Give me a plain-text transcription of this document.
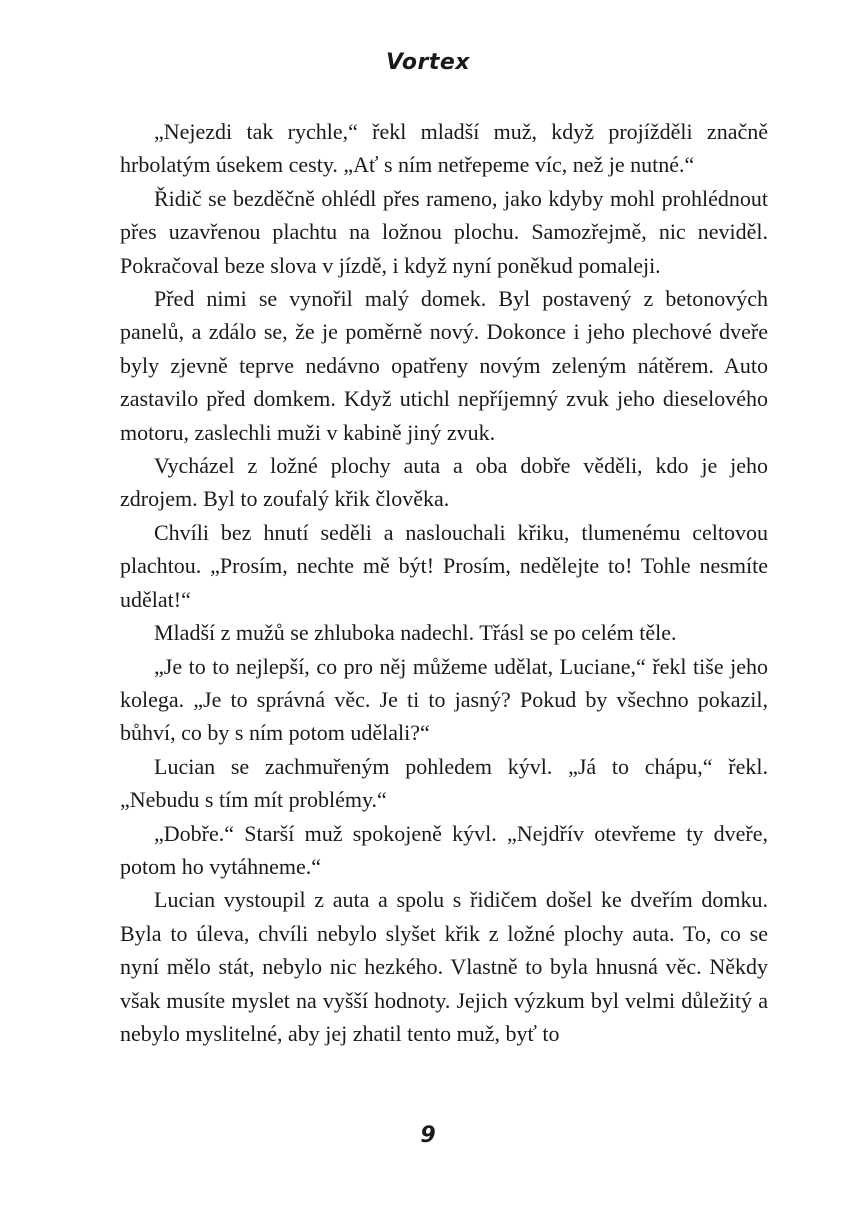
Vortex

„Nejezdi tak rychle,“ řekl mladší muž, když projížděli značně hrbolatým úsekem cesty. „Ať s ním netřepeme víc, než je nutné.“

Řidič se bezděčně ohlédl přes rameno, jako kdyby mohl prohlédnout přes uzavřenou plachtu na ložnou plochu. Samozřejmě, nic neviděl. Pokračoval beze slova v jízdě, i když nyní poněkud pomaleji.

Před nimi se vynořil malý domek. Byl postavený z betonových panelů, a zdálo se, že je poměrně nový. Dokonce i jeho plechové dveře byly zjevně teprve nedávno opatřeny novým zeleným nátěrem. Auto zastavilo před domkem. Když utichl nepříjemný zvuk jeho dieselového motoru, zaslechli muži v kabině jiný zvuk.

Vycházel z ložné plochy auta a oba dobře věděli, kdo je jeho zdrojem. Byl to zoufalý křik člověka.

Chvíli bez hnutí seděli a naslouchali křiku, tlumenému celtovou plachtou. „Prosím, nechte mě být! Prosím, nedělejte to! Tohle nesmíte udělat!“

Mladší z mužů se zhluboka nadechl. Třásl se po celém těle.

„Je to to nejlepší, co pro něj můžeme udělat, Luciane,“ řekl tiše jeho kolega. „Je to správná věc. Je ti to jasný? Pokud by všechno pokazil, bůhví, co by s ním potom udělali?“

Lucian se zachmuřeným pohledem kývl. „Já to chápu,“ řekl. „Nebudu s tím mít problémy.“

„Dobře.“ Starší muž spokojeně kývl. „Nejdřív otevřeme ty dveře, potom ho vytáhneme.“

Lucian vystoupil z auta a spolu s řidičem došel ke dveřím domku. Byla to úleva, chvíli nebylo slyšet křik z ložné plochy auta. To, co se nyní mělo stát, nebylo nic hezkého. Vlastně to byla hnusná věc. Někdy však musíte myslet na vyšší hodnoty. Jejich výzkum byl velmi důležitý a nebylo myslitelné, aby jej zhatil tento muž, byť to

9
